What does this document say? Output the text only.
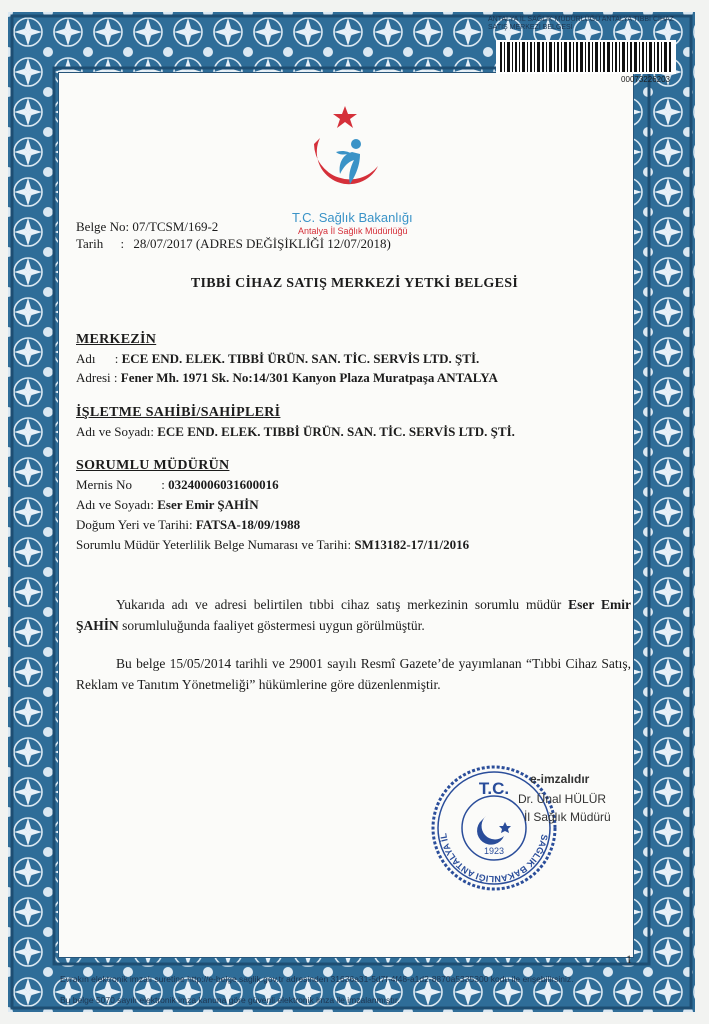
ANTALYA İL SAĞLIK MÜDÜRLÜĞÜ ANTALYA TIBBİ CİHAZ SATIŞ MERKEZİ BELGESİ
00073226203
T.C. Sağlık Bakanlığı
Antalya İl Sağlık Müdürlüğü
Belge No: 07/TCSM/169-2
Tarih : 28/07/2017 (ADRES DEĞİŞİKLİĞİ 12/07/2018)
TIBBİ CİHAZ SATIŞ MERKEZİ YETKİ BELGESİ
MERKEZİN
Adı : ECE END. ELEK. TIBBİ ÜRÜN. SAN. TİC. SERVİS LTD. ŞTİ.
Adresi : Fener Mh. 1971 Sk. No:14/301 Kanyon Plaza Muratpaşa ANTALYA
İŞLETME SAHİBİ/SAHİPLERİ
Adı ve Soyadı: ECE END. ELEK. TIBBİ ÜRÜN. SAN. TİC. SERVİS LTD. ŞTİ.
SORUMLU MÜDÜRÜN
Mernis No : 03240006031600016
Adı ve Soyadı: Eser Emir ŞAHİN
Doğum Yeri ve Tarihi: FATSA-18/09/1988
Sorumlu Müdür Yeterlilik Belge Numarası ve Tarihi: SM13182-17/11/2016
Yukarıda adı ve adresi belirtilen tıbbi cihaz satış merkezinin sorumlu müdür Eser Emir ŞAHİN sorumluluğunda faaliyet göstermesi uygun görülmüştür.
Bu belge 15/05/2014 tarihli ve 29001 sayılı Resmî Gazete’de yayımlanan “Tıbbi Cihaz Satış, Reklam ve Tanıtım Yönetmeliği” hükümlerine göre düzenlenmiştir.
SAĞLIK BAKANLIĞI ANTALYA İL
T.C.
1923
e-imzalıdır
Dr. Ünal HÜLÜR
İl Sağlık Müdürü
1
Evrakın elektronik imzalı suretine http://e-belge.saglik.gov.tr adresinden 31636a31-5d7f-4f48-a1d2-8870a5335300 kodu ile erişebilirsiniz.
Bu belge 5070 sayılı elektronik imza kanuna göre güvenli elektronik imza ile imzalanmıştır.
